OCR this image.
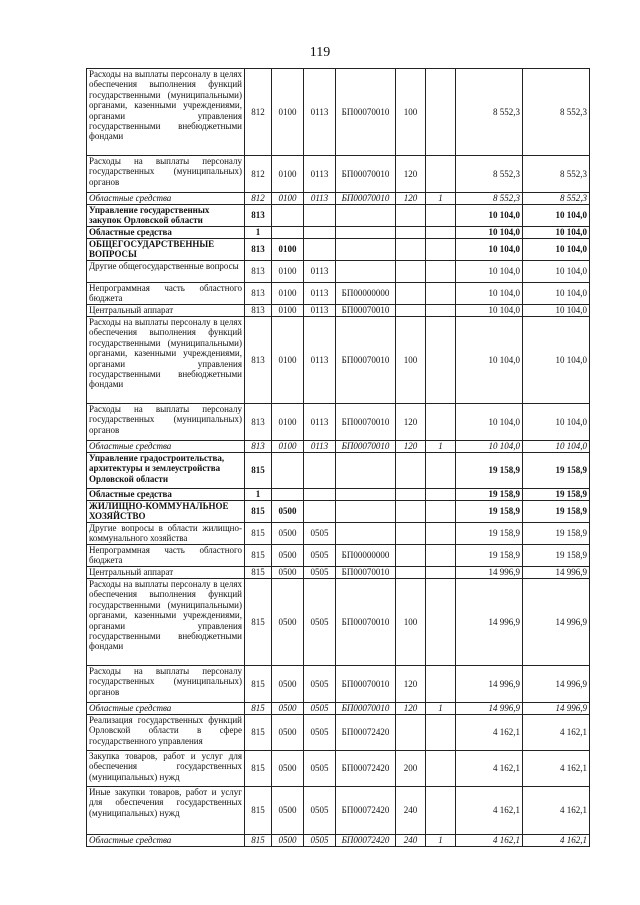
119
Расходы на выплаты персоналу в целях обеспечения выполнения функций государственными (муниципальными) органами, казенными учреждениями, органами управления государственными внебюджетными фондами	812	0100	0113	БП00070010	100		8 552,3	8 552,3
Расходы на выплаты персоналу государственных (муниципальных) органов	812	0100	0113	БП00070010	120		8 552,3	8 552,3
Областные средства	812	0100	0113	БП00070010	120	1	8 552,3	8 552,3
Управление государственных закупок Орловской области	813						10 104,0	10 104,0
Областные средства	1						10 104,0	10 104,0
ОБЩЕГОСУДАРСТВЕННЫЕ ВОПРОСЫ	813	0100					10 104,0	10 104,0
Другие общегосударственные вопросы	813	0100	0113				10 104,0	10 104,0
Непрограммная часть областного бюджета	813	0100	0113	БП00000000			10 104,0	10 104,0
Центральный аппарат	813	0100	0113	БП00070010			10 104,0	10 104,0
Расходы на выплаты персоналу в целях обеспечения выполнения функций государственными (муниципальными) органами, казенными учреждениями, органами управления государственными внебюджетными фондами	813	0100	0113	БП00070010	100		10 104,0	10 104,0
Расходы на выплаты персоналу государственных (муниципальных) органов	813	0100	0113	БП00070010	120		10 104,0	10 104,0
Областные средства	813	0100	0113	БП00070010	120	1	10 104,0	10 104,0
Управление градостроительства, архитектуры и землеустройства Орловской области	815						19 158,9	19 158,9
Областные средства	1						19 158,9	19 158,9
ЖИЛИЩНО-КОММУНАЛЬНОЕ ХОЗЯЙСТВО	815	0500					19 158,9	19 158,9
Другие вопросы в области жилищно-коммунального хозяйства	815	0500	0505				19 158,9	19 158,9
Непрограммная часть областного бюджета	815	0500	0505	БП00000000			19 158,9	19 158,9
Центральный аппарат	815	0500	0505	БП00070010			14 996,9	14 996,9
Расходы на выплаты персоналу в целях обеспечения выполнения функций государственными (муниципальными) органами, казенными учреждениями, органами управления государственными внебюджетными фондами	815	0500	0505	БП00070010	100		14 996,9	14 996,9
Расходы на выплаты персоналу государственных (муниципальных) органов	815	0500	0505	БП00070010	120		14 996,9	14 996,9
Областные средства	815	0500	0505	БП00070010	120	1	14 996,9	14 996,9
Реализация государственных функций Орловской области в сфере государственного управления	815	0500	0505	БП00072420			4 162,1	4 162,1
Закупка товаров, работ и услуг для обеспечения государственных (муниципальных) нужд	815	0500	0505	БП00072420	200		4 162,1	4 162,1
Иные закупки товаров, работ и услуг для обеспечения государственных (муниципальных) нужд	815	0500	0505	БП00072420	240		4 162,1	4 162,1
Областные средства	815	0500	0505	БП00072420	240	1	4 162,1	4 162,1
